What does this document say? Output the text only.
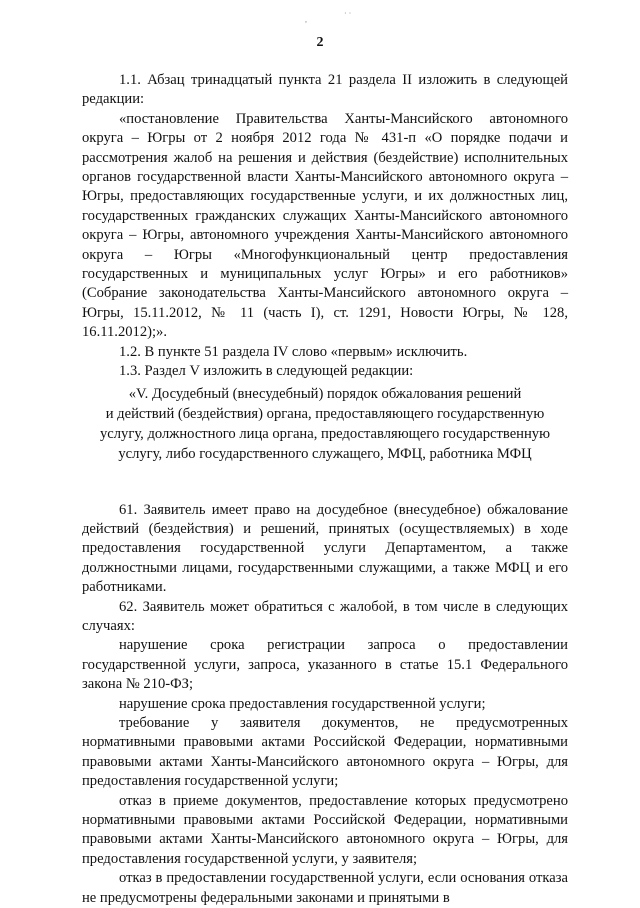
,
· ·
2

1.1. Абзац тринадцатый пункта 21 раздела II изложить в следующей редакции:

«постановление Правительства Ханты-Мансийского автономного округа – Югры от 2 ноября 2012 года № 431-п «О порядке подачи и рассмотрения жалоб на решения и действия (бездействие) исполнительных органов государственной власти Ханты-Мансийского автономного округа – Югры, предоставляющих государственные услуги, и их должностных лиц, государственных гражданских служащих Ханты-Мансийского автономного округа – Югры, автономного учреждения Ханты-Мансийского автономного округа – Югры «Многофункциональный центр предоставления государственных и муниципальных услуг Югры» и его работников» (Собрание законодательства Ханты-Мансийского автономного округа – Югры, 15.11.2012, № 11 (часть I), ст. 1291, Новости Югры, № 128, 16.11.2012);».

1.2. В пункте 51 раздела IV слово «первым» исключить.

1.3. Раздел V изложить в следующей редакции:

«V. Досудебный (внесудебный) порядок обжалования решений
и действий (бездействия) органа, предоставляющего государственную
услугу, должностного лица органа, предоставляющего государственную
услугу, либо государственного служащего, МФЦ, работника МФЦ

61. Заявитель имеет право на досудебное (внесудебное) обжалование действий (бездействия) и решений, принятых (осуществляемых) в ходе предоставления государственной услуги Департаментом, а также должностными лицами, государственными служащими, а также МФЦ и его работниками.

62. Заявитель может обратиться с жалобой, в том числе в следующих случаях:

нарушение срока регистрации запроса о предоставлении государственной услуги, запроса, указанного в статье 15.1 Федерального закона № 210-ФЗ;

нарушение срока предоставления государственной услуги;

требование у заявителя документов, не предусмотренных нормативными правовыми актами Российской Федерации, нормативными правовыми актами Ханты-Мансийского автономного округа – Югры, для предоставления государственной услуги;

отказ в приеме документов, предоставление которых предусмотрено нормативными правовыми актами Российской Федерации, нормативными правовыми актами Ханты-Мансийского автономного округа – Югры, для предоставления государственной услуги, у заявителя;

отказ в предоставлении государственной услуги, если основания отказа не предусмотрены федеральными законами и принятыми в
